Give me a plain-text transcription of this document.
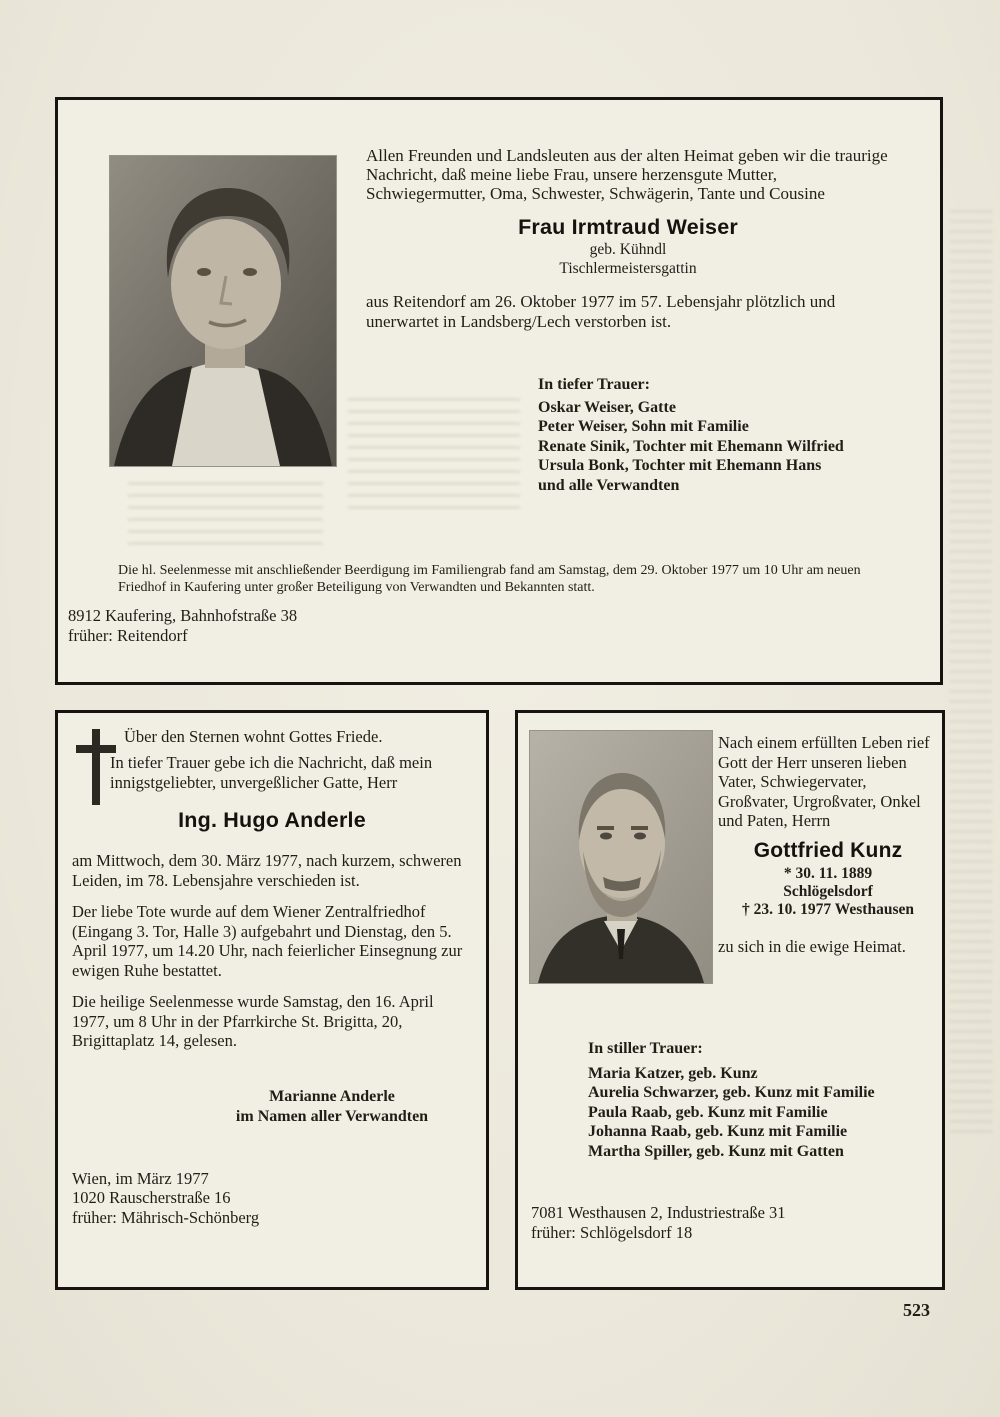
Allen Freunden und Landsleuten aus der alten Heimat geben wir die traurige Nachricht, daß meine liebe Frau, unsere herzensgute Mutter, Schwiegermutter, Oma, Schwester, Schwägerin, Tante und Cousine

Frau Irmtraud Weiser

geb. Kühndl

Tischlermeistersgattin

aus Reitendorf am 26. Oktober 1977 im 57. Lebensjahr plötzlich und unerwartet in Landsberg/Lech verstorben ist.

In tiefer Trauer:

Oskar Weiser, Gatte

Peter Weiser, Sohn mit Familie

Renate Sinik, Tochter mit Ehemann Wilfried

Ursula Bonk, Tochter mit Ehemann Hans

und alle Verwandten

Die hl. Seelenmesse mit anschließender Beerdigung im Familiengrab fand am Samstag, dem 29. Oktober 1977 um 10 Uhr am neuen Friedhof in Kaufering unter großer Beteiligung von Verwandten und Bekannten statt.

8912 Kaufering, Bahnhofstraße 38

früher: Reitendorf

Über den Sternen wohnt Gottes Friede.

In tiefer Trauer gebe ich die Nachricht, daß mein innigstgeliebter, unvergeßlicher Gatte, Herr

Ing. Hugo Anderle

am Mittwoch, dem 30. März 1977, nach kurzem, schweren Leiden, im 78. Lebensjahre verschieden ist.

Der liebe Tote wurde auf dem Wiener Zentralfriedhof (Eingang 3. Tor, Halle 3) aufgebahrt und Dienstag, den 5. April 1977, um 14.20 Uhr, nach feierlicher Einsegnung zur ewigen Ruhe bestattet.

Die heilige Seelenmesse wurde Samstag, den 16. April 1977, um 8 Uhr in der Pfarrkirche St. Brigitta, 20, Brigittaplatz 14, gelesen.

Marianne Anderle

im Namen aller Verwandten

Wien, im März 1977

1020 Rauscherstraße 16

früher: Mährisch-Schönberg

Nach einem erfüllten Leben rief Gott der Herr unseren lieben Vater, Schwiegervater, Großvater, Urgroßvater, Onkel und Paten, Herrn

Gottfried Kunz

* 30. 11. 1889

Schlögelsdorf

† 23. 10. 1977 Westhausen

zu sich in die ewige Heimat.

In stiller Trauer:

Maria Katzer, geb. Kunz

Aurelia Schwarzer, geb. Kunz mit Familie

Paula Raab, geb. Kunz mit Familie

Johanna Raab, geb. Kunz mit Familie

Martha Spiller, geb. Kunz mit Gatten

7081 Westhausen 2, Industriestraße 31

früher: Schlögelsdorf 18

523
